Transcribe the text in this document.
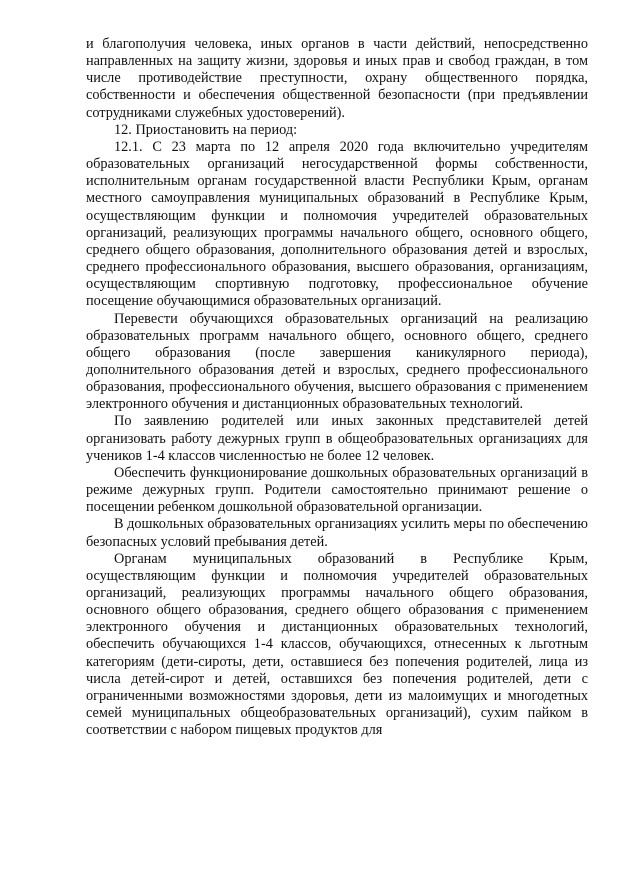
и благополучия человека, иных органов в части действий, непосредственно направленных на защиту жизни, здоровья и иных прав и свобод граждан, в том числе противодействие преступности, охрану общественного порядка, собственности и обеспечения общественной безопасности (при предъявлении сотрудниками служебных удостоверений).

12. Приостановить на период:

12.1. С 23 марта по 12 апреля 2020 года включительно учредителям образовательных организаций негосударственной формы собственности, исполнительным органам государственной власти Республики Крым, органам местного самоуправления муниципальных образований в Республике Крым, осуществляющим функции и полномочия учредителей образовательных организаций, реализующих программы начального общего, основного общего, среднего общего образования, дополнительного образования детей и взрослых, среднего профессионального образования, высшего образования, организациям, осуществляющим спортивную подготовку, профессиональное обучение посещение обучающимися образовательных организаций.

Перевести обучающихся образовательных организаций на реализацию образовательных программ начального общего, основного общего, среднего общего образования (после завершения каникулярного периода), дополнительного образования детей и взрослых, среднего профессионального образования, профессионального обучения, высшего образования с применением электронного обучения и дистанционных образовательных технологий.

По заявлению родителей или иных законных представителей детей организовать работу дежурных групп в общеобразовательных организациях для учеников 1-4 классов численностью не более 12 человек.

Обеспечить функционирование дошкольных образовательных организаций в режиме дежурных групп. Родители самостоятельно принимают решение о посещении ребенком дошкольной образовательной организации.

В дошкольных образовательных организациях усилить меры по обеспечению безопасных условий пребывания детей.

Органам муниципальных образований в Республике Крым, осуществляющим функции и полномочия учредителей образовательных организаций, реализующих программы начального общего образования, основного общего образования, среднего общего образования с применением электронного обучения и дистанционных образовательных технологий, обеспечить обучающихся 1-4 классов, обучающихся, отнесенных к льготным категориям (дети-сироты, дети, оставшиеся без попечения родителей, лица из числа детей-сирот и детей, оставшихся без попечения родителей, дети с ограниченными возможностями здоровья, дети из малоимущих и многодетных семей муниципальных общеобразовательных организаций), сухим пайком в соответствии с набором пищевых продуктов для
